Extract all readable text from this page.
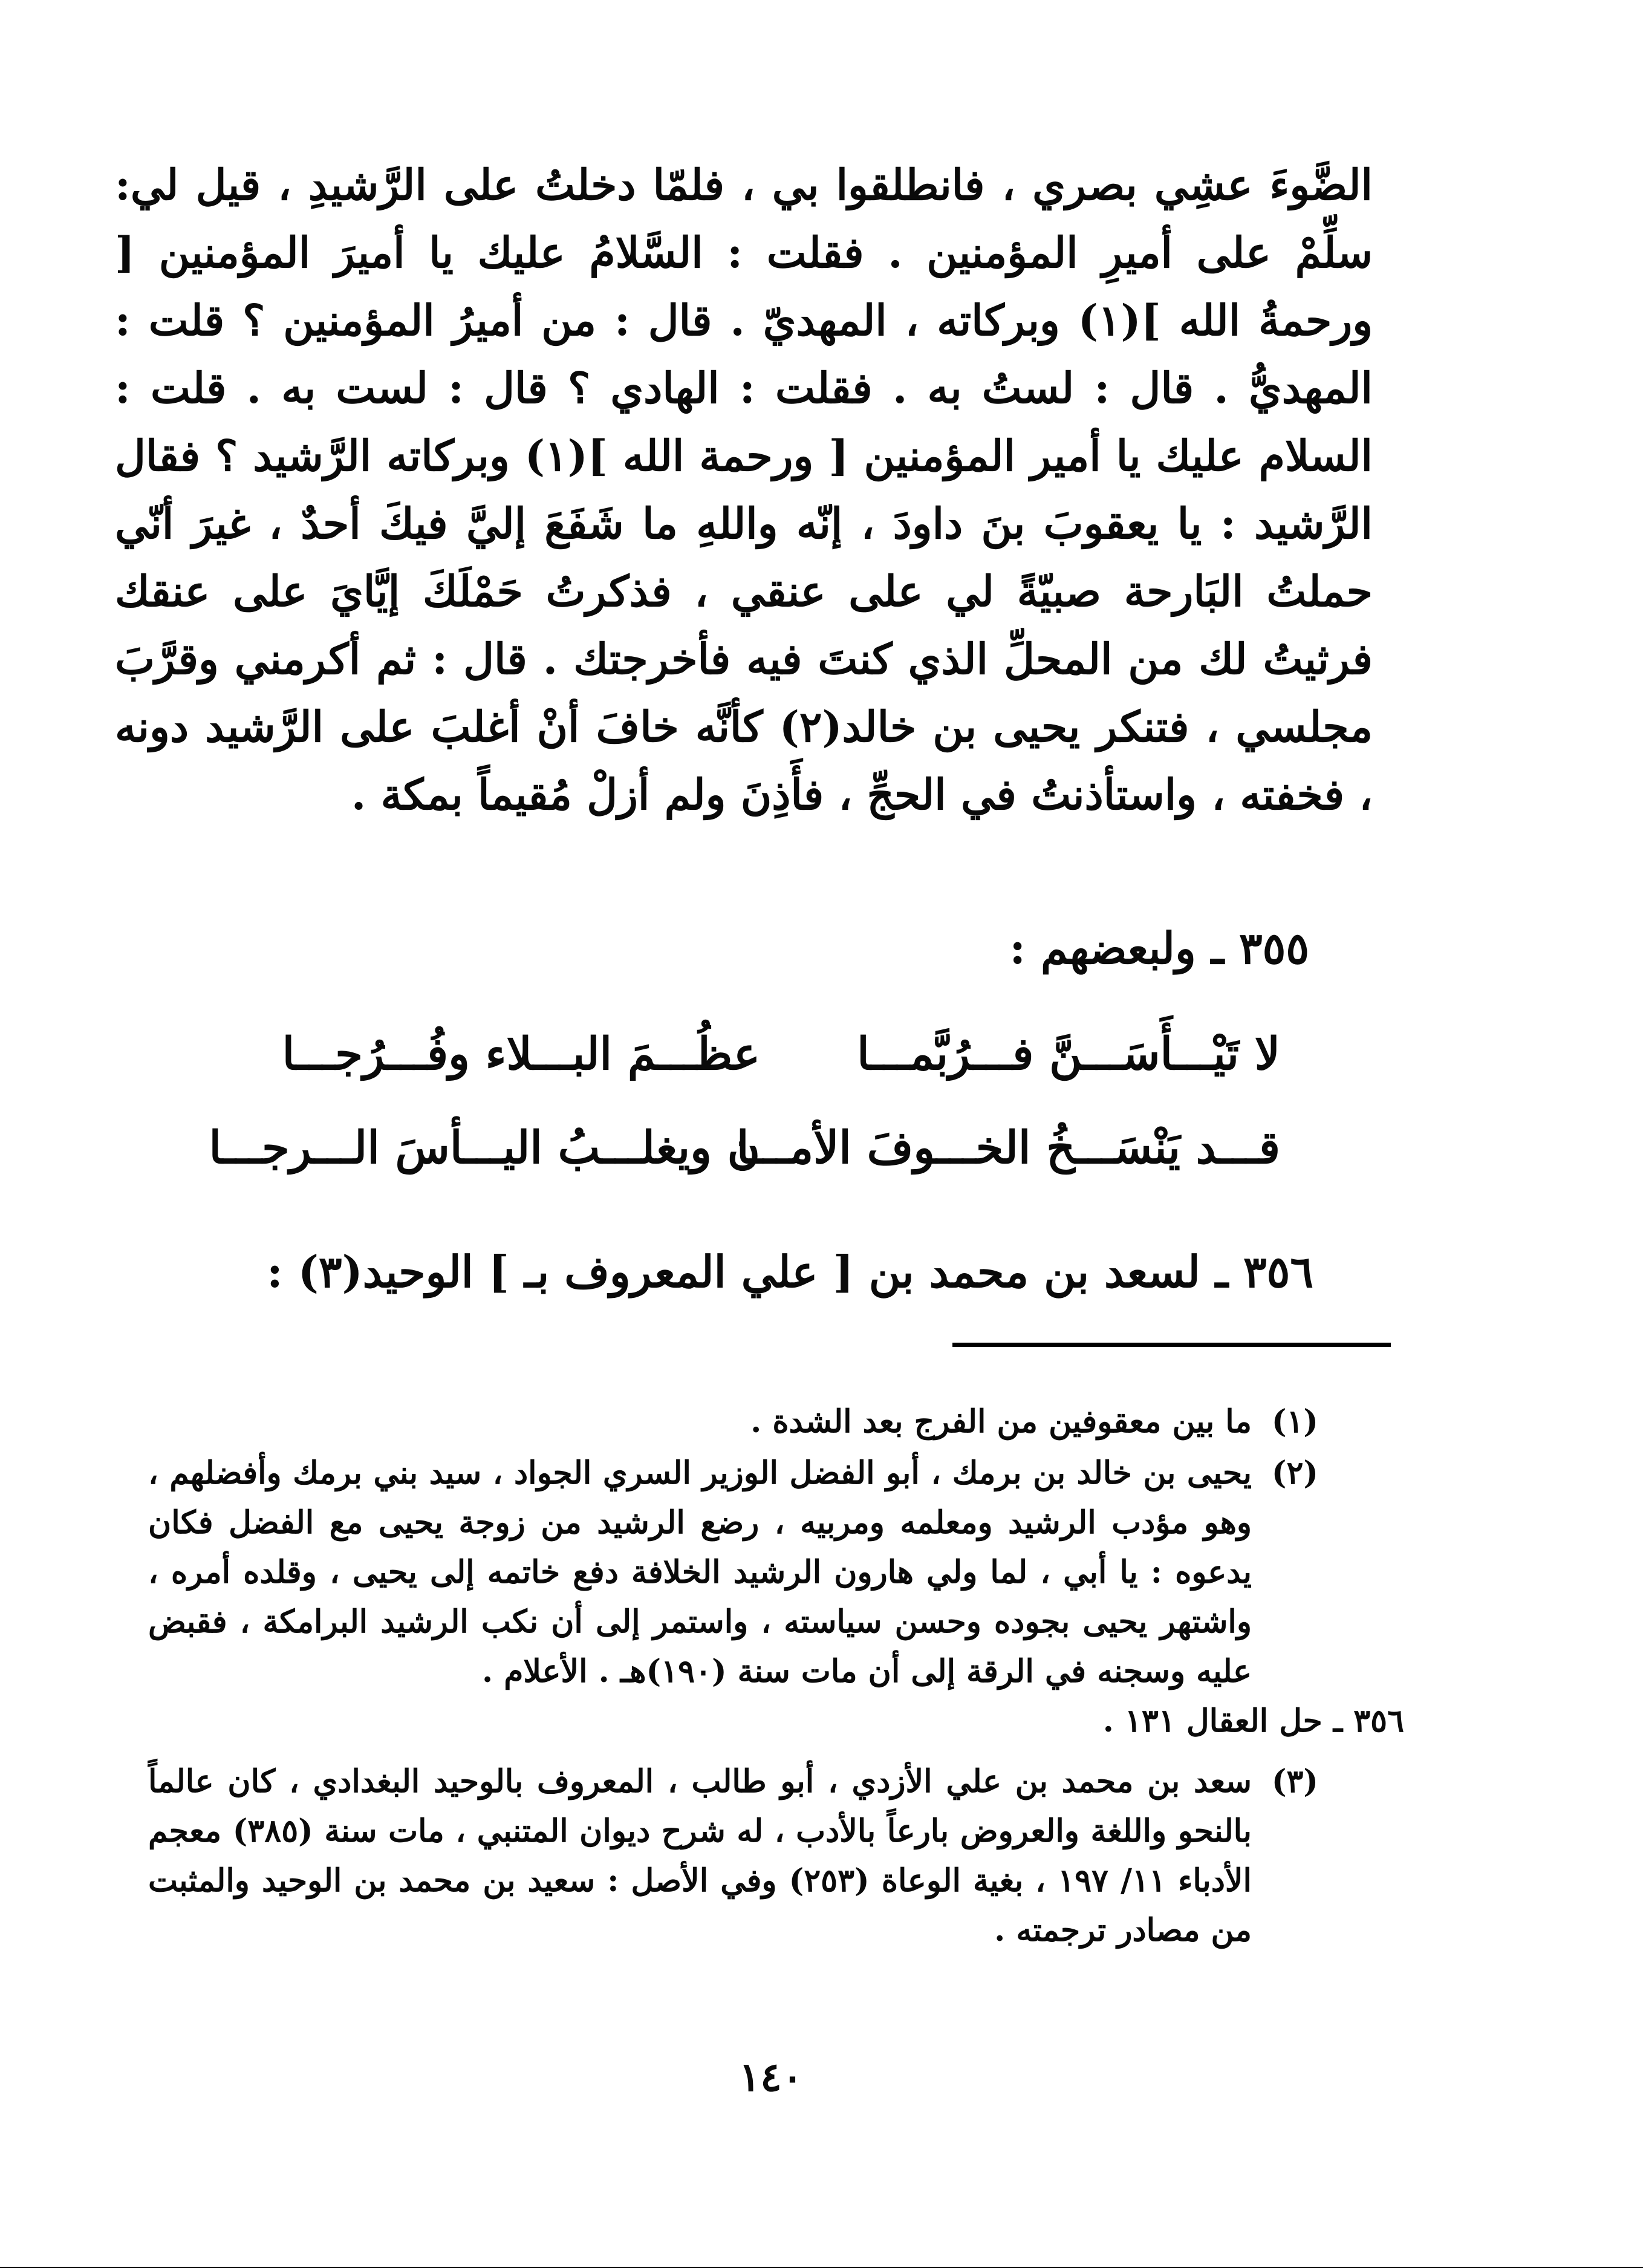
الضَّوءَ عشِي بصري ، فانطلقوا بي ، فلمّا دخلتُ على الرَّشيدِ ، قيل لي: سلِّمْ على أميرِ المؤمنين . فقلت : السَّلامُ عليك يا أميرَ المؤمنين [ ورحمةُ الله ](١) وبركاته ، المهديّ . قال : من أميرُ المؤمنين ؟ قلت : المهديُّ . قال : لستُ به . فقلت : الهادي ؟ قال : لست به . قلت : السلام عليك يا أمير المؤمنين [ ورحمة الله ](١) وبركاته الرَّشيد ؟ فقال الرَّشيد : يا يعقوبَ بنَ داودَ ، إنّه واللهِ ما شَفَعَ إليَّ فيكَ أحدٌ ، غيرَ أنّي حملتُ البَارحة صبيّةً لي على عنقي ، فذكرتُ حَمْلَكَ إيَّايَ على عنقك فرثيتُ لك من المحلِّ الذي كنتَ فيه فأخرجتك . قال : ثم أكرمني وقرَّبَ مجلسي ، فتنكر يحيى بن خالد(٢) كأنَّه خافَ أنْ أغلبَ على الرَّشيد دونه ، فخفته ، واستأذنتُ في الحجِّ ، فأَذِنَ ولم أزلْ مُقيماً بمكة .

٣٥٥ ـ ولبعضهم :
لا تَيْـــأَسَـــنَّ فـــرُبَّمـــا
عظُـــمَ البـــلاء وفُـــرُجـــا
قـــد يَنْسَـــخُ الخـــوفَ الأمـــا
ن ويغلـــبُ اليـــأسَ الـــرجـــا
٣٥٦ ـ لسعد بن محمد بن [ علي المعروف بـ ] الوحيد(٣) :
(١)

ما بين معقوفين من الفرج بعد الشدة .

(٢)

يحيى بن خالد بن برمك ، أبو الفضل الوزير السري الجواد ، سيد بني برمك وأفضلهم ، وهو مؤدب الرشيد ومعلمه ومربيه ، رضع الرشيد من زوجة يحيى مع الفضل فكان يدعوه : يا أبي ، لما ولي هارون الرشيد الخلافة دفع خاتمه إلى يحيى ، وقلده أمره ، واشتهر يحيى بجوده وحسن سياسته ، واستمر إلى أن نكب الرشيد البرامكة ، فقبض عليه وسجنه في الرقة إلى أن مات سنة (١٩٠)هـ . الأعلام .

٣٥٦ ـ حل العقال ١٣١ .
(٣)

سعد بن محمد بن علي الأزدي ، أبو طالب ، المعروف بالوحيد البغدادي ، كان عالماً بالنحو واللغة والعروض بارعاً بالأدب ، له شرح ديوان المتنبي ، مات سنة (٣٨٥) معجم الأدباء ١١/ ١٩٧ ، بغية الوعاة (٢٥٣) وفي الأصل : سعيد بن محمد بن الوحيد والمثبت من مصادر ترجمته .

١٤٠
